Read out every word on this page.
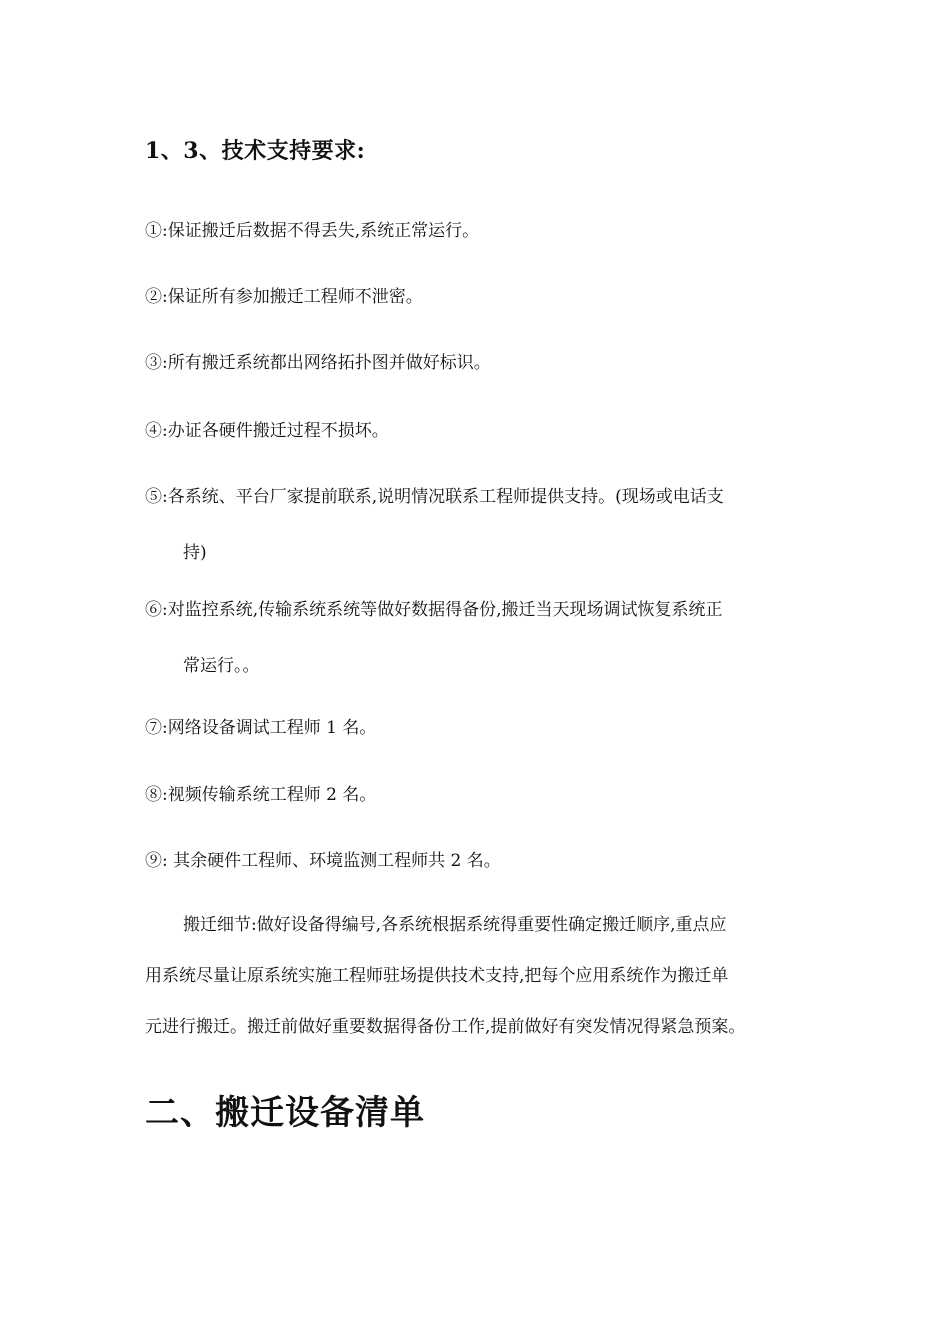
1、3、技术支持要求:
①:保证搬迁后数据不得丢失,系统正常运行。
②:保证所有参加搬迁工程师不泄密。
③:所有搬迁系统都出网络拓扑图并做好标识。
④:办证各硬件搬迁过程不损坏。
⑤:各系统、平台厂家提前联系,说明情况联系工程师提供支持。(现场或电话支
持)
⑥:对监控系统,传输系统系统等做好数据得备份,搬迁当天现场调试恢复系统正
常运行。。
⑦:网络设备调试工程师 1 名。
⑧:视频传输系统工程师 2 名。
⑨: 其余硬件工程师、环境监测工程师共 2 名。
搬迁细节:做好设备得编号,各系统根据系统得重要性确定搬迁顺序,重点应
用系统尽量让原系统实施工程师驻场提供技术支持,把每个应用系统作为搬迁单
元进行搬迁。搬迁前做好重要数据得备份工作,提前做好有突发情况得紧急预案。
二、搬迁设备清单
